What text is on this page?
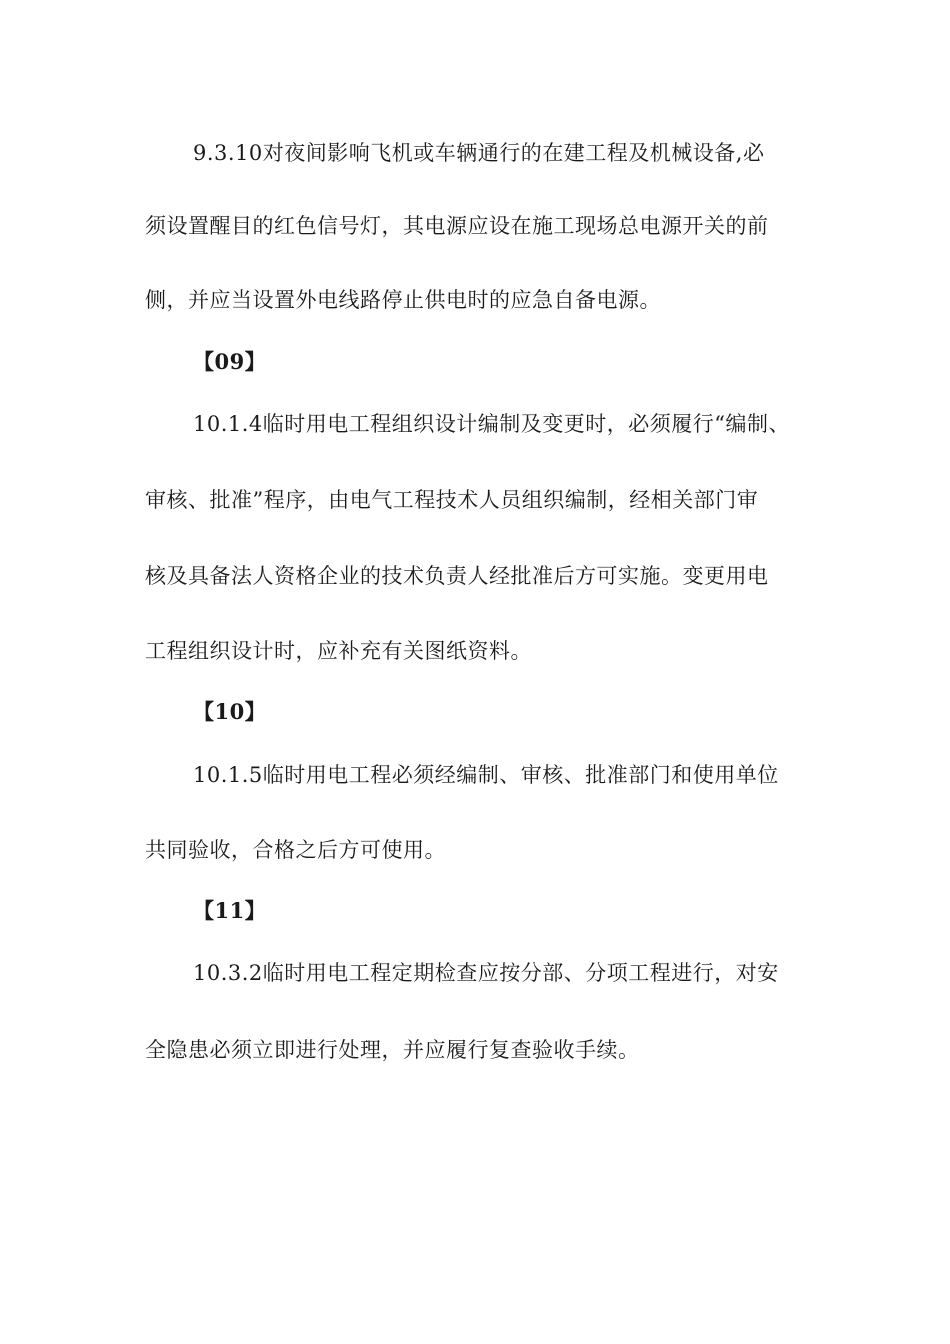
9.3.10对夜间影响飞机或车辆通行的在建工程及机械设备,必
须设置醒目的红色信号灯，其电源应设在施工现场总电源开关的前
侧，并应当设置外电线路停止供电时的应急自备电源。
【09】
10.1.4临时用电工程组织设计编制及变更时，必须履行“编制、
审核、批准”程序，由电气工程技术人员组织编制，经相关部门审
核及具备法人资格企业的技术负责人经批准后方可实施。变更用电
工程组织设计时，应补充有关图纸资料。
【10】
10.1.5临时用电工程必须经编制、审核、批准部门和使用单位
共同验收，合格之后方可使用。
【11】
10.3.2临时用电工程定期检查应按分部、分项工程进行，对安
全隐患必须立即进行处理，并应履行复查验收手续。
